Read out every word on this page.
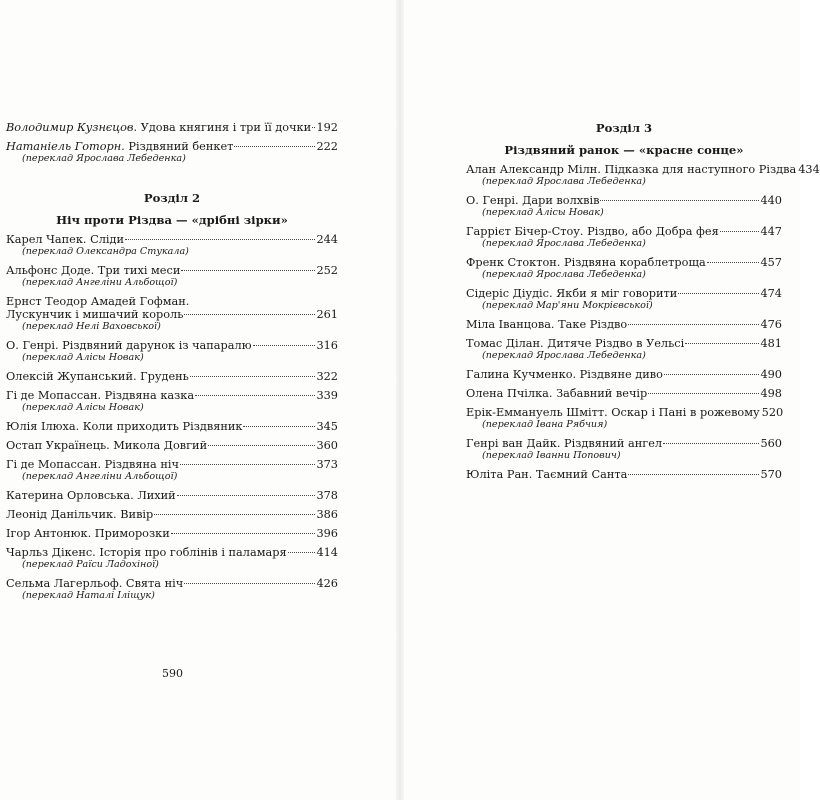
Володимир Кузнєцов. Удова княгиня і три її дочки 192
Натаніель Готорн. Різдвяний бенкет	222
(переклад Ярослава Лебеденка)
Розділ 2
Ніч проти Різдва — «дрібні зірки»
Карел Чапек. Сліди	244
(переклад Олександра Стукала)
Альфонс Доде. Три тихі меси	252
(переклад Ангеліни Альбощої)
Ернст Теодор Амадей Гофман.
Лускунчик і мишачий король	261
(переклад Нелі Ваховської)
О. Генрі. Різдвяний дарунок із чапаралю	316
(переклад Алісы Новак)
Олексій Жупанський. Грудень	322
Гі де Мопассан. Різдвяна казка	339
(переклад Алісы Новак)
Юлія Ілюха. Коли приходить Різдвяник	345
Остап Українець. Микола Довгий	360
Гі де Мопассан. Різдвяна ніч	373
(переклад Ангеліни Альбощої)
Катерина Орловська. Лихий	378
Леонід Данільчик. Вивір	386
Ігор Антонюк. Приморозки	396
Чарльз Дікенс. Історія про гоблінів і паламаря	414
(переклад Раїси Ладохіної)
Сельма Лагерльоф. Свята ніч	426
(переклад Наталі Іліщук)
590
Розділ 3
Різдвяний ранок — «красне сонце»
Алан Александр Мілн. Підказка для наступного Різдва 434
(переклад Ярослава Лебеденка)
О. Генрі. Дари волхвів	440
(переклад Алісы Новак)
Гаррієт Бічер-Стоу. Різдво, або Добра фея	447
(переклад Ярослава Лебеденка)
Френк Стоктон. Різдвяна кораблетроща	457
(переклад Ярослава Лебеденка)
Сідеріс Діудіс. Якби я міг говорити	474
(переклад Мар'яни Мокрієвської)
Міла Іванцова. Таке Різдво	476
Томас Ділан. Дитяче Різдво в Уельсі	481
(переклад Ярослава Лебеденка)
Галина Кучменко. Різдвяне диво	490
Олена Пчілка. Забавний вечір	498
Ерік-Еммануель Шмітт. Оскар і Пані в рожевому 520
(переклад Івана Рябчия)
Генрі ван Дайк. Різдвяний ангел	560
(переклад Іванни Попович)
Юліта Ран. Таємний Санта	570
